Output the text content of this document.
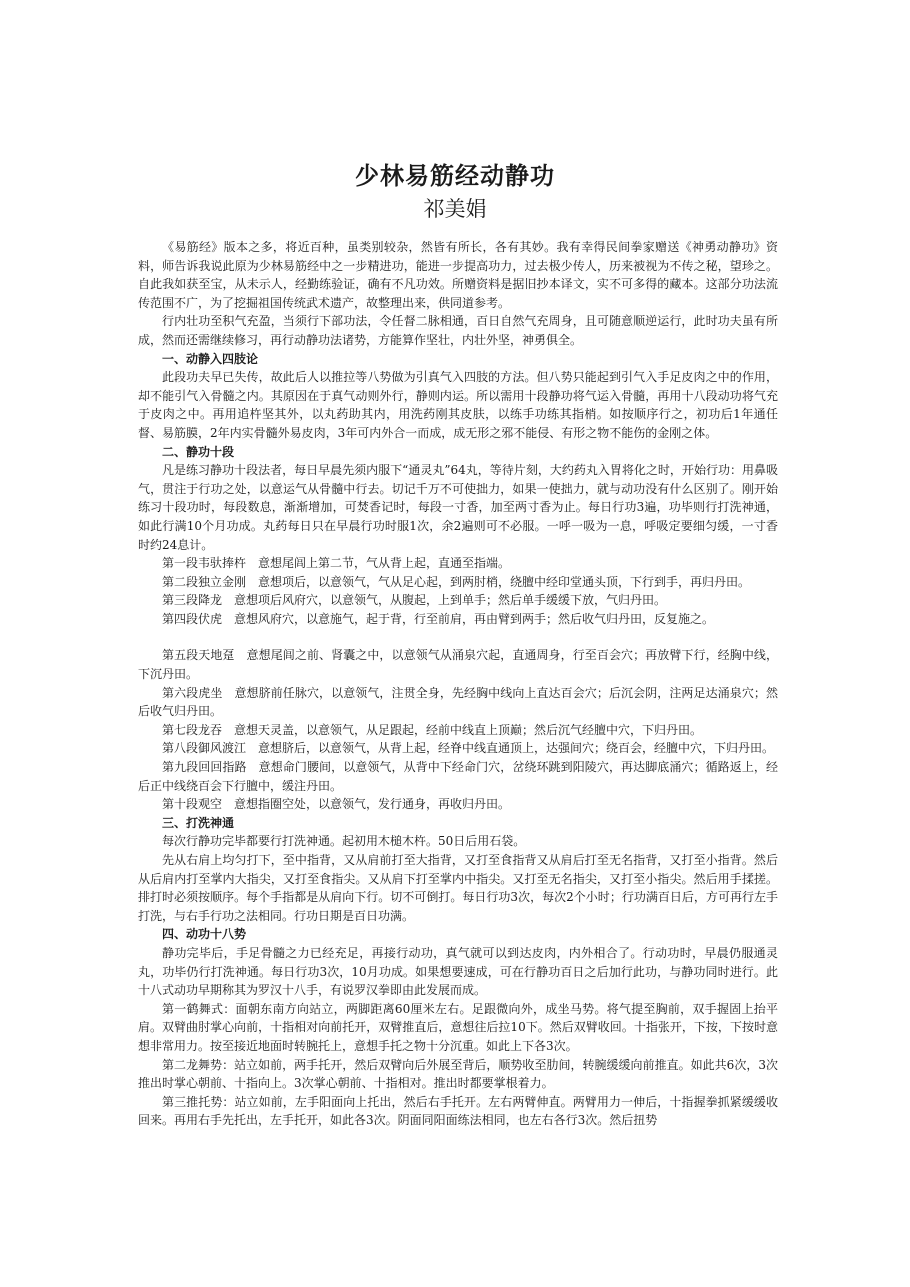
少林易筋经动静功
祁美娟

《易筋经》版本之多，将近百种，虽类别较杂，然皆有所长，各有其妙。我有幸得民间拳家赠送《神勇动静功》资料，师告诉我说此原为少林易筋经中之一步精进功，能进一步提高功力，过去极少传人，历来被视为不传之秘，望珍之。自此我如获至宝，从未示人，经勤练验证，确有不凡功效。所赠资料是据旧抄本译文，实不可多得的藏本。这部分功法流传范围不广，为了挖掘祖国传统武术遗产，故整理出来，供同道参考。

行内壮功至积气充盈，当须行下部功法，令任督二脉相通，百日自然气充周身，且可随意顺逆运行，此时功夫虽有所成，然而还需继续修习，再行动静功法诸势，方能算作坚壮，内壮外坚，神勇俱全。

一、动静入四肢论

此段功夫早已失传，故此后人以推拉等八势做为引真气入四肢的方法。但八势只能起到引气入手足皮肉之中的作用，却不能引气入骨髓之内。其原因在于真气动则外行，静则内运。所以需用十段静功将气运入骨髓，再用十八段动功将气充于皮肉之中。再用追杵坚其外，以丸药助其内，用洗药刚其皮肤，以练手功练其指梢。如按顺序行之，初功后1年通任督、易筋膜，2年内实骨髓外易皮肉，3年可内外合一而成，成无形之邪不能侵、有形之物不能伤的金刚之体。

二、静功十段

凡是练习静功十段法者，每日早晨先须内服下“通灵丸”64丸，等待片刻，大约药丸入胃将化之时，开始行功：用鼻吸气，贯注于行功之处，以意运气从骨髓中行去。切记千万不可使拙力，如果一使拙力，就与动功没有什么区别了。刚开始练习十段功时，每段数息，渐渐增加，可焚香记时，每段一寸香，加至两寸香为止。每日行功3遍，功毕则行打洗神通，如此行满10个月功成。丸药每日只在早晨行功时服1次，余2遍则可不必服。一呼一吸为一息，呼吸定要细匀缓，一寸香时约24息计。

第一段韦驮捧杵　意想尾闾上第二节，气从背上起，直通至指端。

第二段独立金刚　意想项后，以意领气，气从足心起，到两肘梢，绕膻中经印堂通头顶，下行到手，再归丹田。

第三段降龙　意想项后风府穴，以意领气，从腹起，上到单手；然后单手缓缓下放，气归丹田。

第四段伏虎　意想风府穴，以意施气，起于背，行至前肩，再由臂到两手；然后收气归丹田，反复施之。

第五段天地趸　意想尾闾之前、肾囊之中，以意领气从涌泉穴起，直通周身，行至百会穴；再放臂下行，经胸中线，下沉丹田。

第六段虎坐　意想脐前任脉穴，以意领气，注贯全身，先经胸中线向上直达百会穴；后沉会阴，注两足达涌泉穴；然后收气归丹田。

第七段龙吞　意想天灵盖，以意领气，从足跟起，经前中线直上顶巅；然后沉气经膻中穴，下归丹田。

第八段御风渡江　意想脐后，以意领气，从背上起，经脊中线直通顶上，达强间穴；绕百会，经膻中穴，下归丹田。

第九段回回指路　意想命门腰间，以意领气，从背中下经命门穴，岔绕环跳到阳陵穴，再达脚底涌穴；循路返上，经后正中线绕百会下行膻中，缓注丹田。

第十段观空　意想指圈空处，以意领气，发行通身，再收归丹田。

三、打洗神通

每次行静功完毕都要行打洗神通。起初用木槌木杵。50日后用石袋。

先从右肩上均匀打下，至中指背，又从肩前打至大指背，又打至食指背又从肩后打至无名指背，又打至小指背。然后从后肩内打至掌内大指尖，又打至食指尖。又从肩下打至掌内中指尖。又打至无名指尖，又打至小指尖。然后用手揉搓。排打时必须按顺序。每个手指都是从肩向下行。切不可倒打。每日行功3次，每次2个小时；行功满百日后，方可再行左手打洗，与右手行功之法相同。行功日期是百日功满。

四、动功十八势

静功完毕后，手足骨髓之力已经充足，再接行动功，真气就可以到达皮肉，内外相合了。行动功时，早晨仍服通灵丸，功毕仍行打洗神通。每日行功3次，10月功成。如果想要速成，可在行静功百日之后加行此功，与静功同时进行。此十八式动功早期称其为罗汉十八手，有说罗汉拳即由此发展而成。

第一鹤舞式：面朝东南方向站立，两脚距离60厘米左右。足跟微向外，成坐马势。将气提至胸前，双手握固上抬平肩。双臂曲肘掌心向前，十指相对向前托开，双臂推直后，意想往后拉10下。然后双臂收回。十指张开，下按，下按时意想非常用力。按至接近地面时转腕托上，意想手托之物十分沉重。如此上下各3次。

第二龙舞势：站立如前，两手托开，然后双臂向后外展至背后，顺势收至肋间，转腕缓缓向前推直。如此共6次，3次推出时掌心朝前、十指向上。3次掌心朝前、十指相对。推出时都要掌根着力。

第三推托势：站立如前，左手阳面向上托出，然后右手托开。左右两臂伸直。两臂用力一伸后，十指握拳抓紧缓缓收回来。再用右手先托出，左手托开，如此各3次。阴面同阳面练法相同，也左右各行3次。然后扭势
